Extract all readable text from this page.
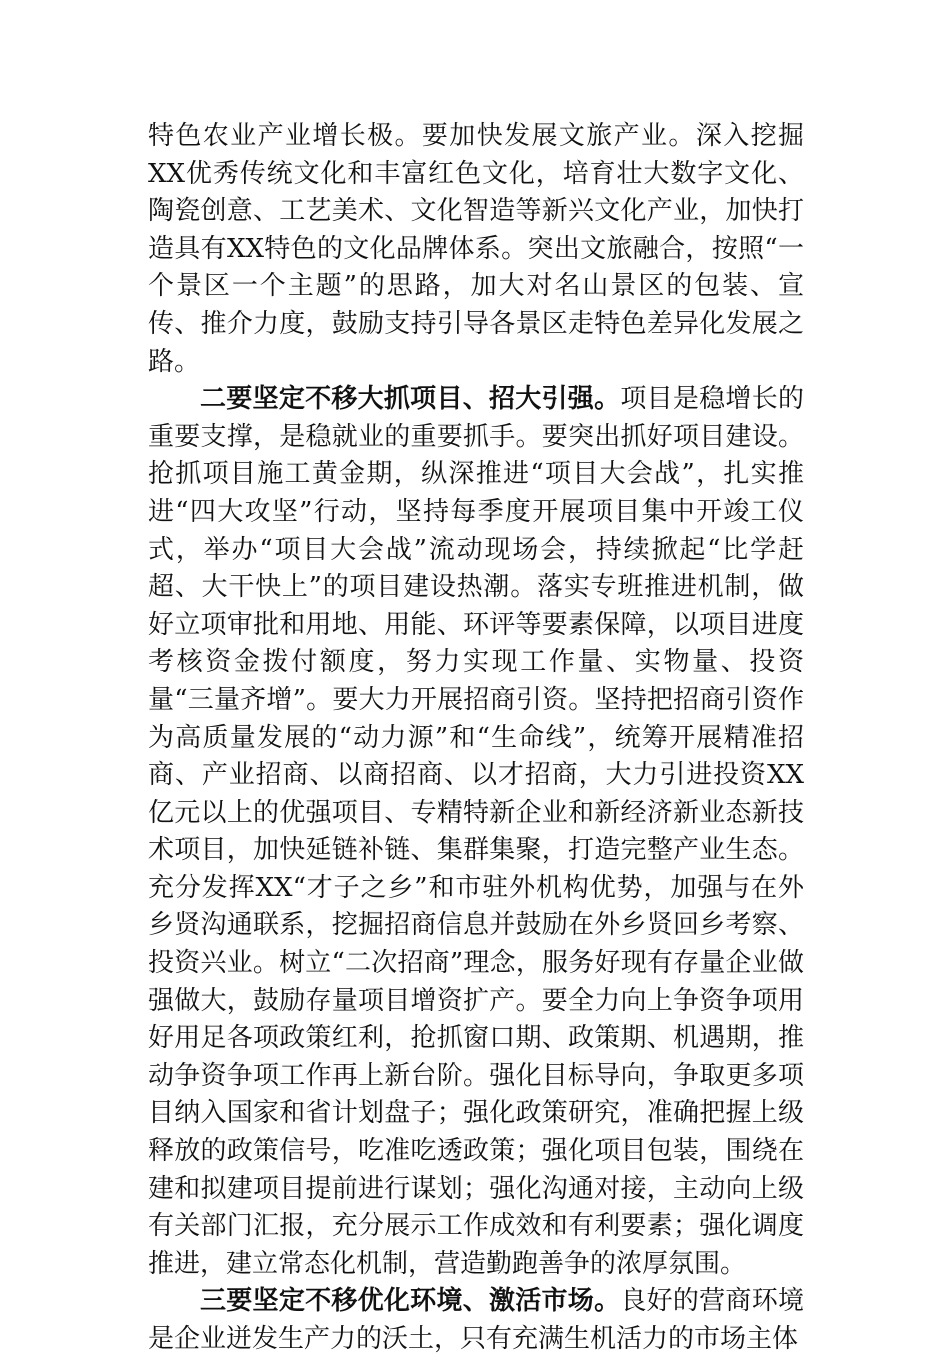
特色农业产业增长极。要加快发展文旅产业。深入挖掘XX优秀传统文化和丰富红色文化，培育壮大数字文化、陶瓷创意、工艺美术、文化智造等新兴文化产业，加快打造具有XX特色的文化品牌体系。突出文旅融合，按照“一个景区一个主题”的思路，加大对名山景区的包装、宣传、推介力度，鼓励支持引导各景区走特色差异化发展之路。

二要坚定不移大抓项目、招大引强。项目是稳增长的重要支撑，是稳就业的重要抓手。要突出抓好项目建设。抢抓项目施工黄金期，纵深推进“项目大会战”，扎实推进“四大攻坚”行动，坚持每季度开展项目集中开竣工仪式，举办“项目大会战”流动现场会，持续掀起“比学赶超、大干快上”的项目建设热潮。落实专班推进机制，做好立项审批和用地、用能、环评等要素保障，以项目进度考核资金拨付额度，努力实现工作量、实物量、投资量“三量齐增”。要大力开展招商引资。坚持把招商引资作为高质量发展的“动力源”和“生命线”，统筹开展精准招商、产业招商、以商招商、以才招商，大力引进投资XX亿元以上的优强项目、专精特新企业和新经济新业态新技术项目，加快延链补链、集群集聚，打造完整产业生态。充分发挥XX“才子之乡”和市驻外机构优势，加强与在外乡贤沟通联系，挖掘招商信息并鼓励在外乡贤回乡考察、投资兴业。树立“二次招商”理念，服务好现有存量企业做强做大，鼓励存量项目增资扩产。要全力向上争资争项用好用足各项政策红利，抢抓窗口期、政策期、机遇期，推动争资争项工作再上新台阶。强化目标导向，争取更多项目纳入国家和省计划盘子；强化政策研究，准确把握上级释放的政策信号，吃准吃透政策；强化项目包装，围绕在建和拟建项目提前进行谋划；强化沟通对接，主动向上级有关部门汇报，充分展示工作成效和有利要素；强化调度推进，建立常态化机制，营造勤跑善争的浓厚氛围。

三要坚定不移优化环境、激活市场。良好的营商环境是企业迸发生产力的沃土，只有充满生机活力的市场主体
